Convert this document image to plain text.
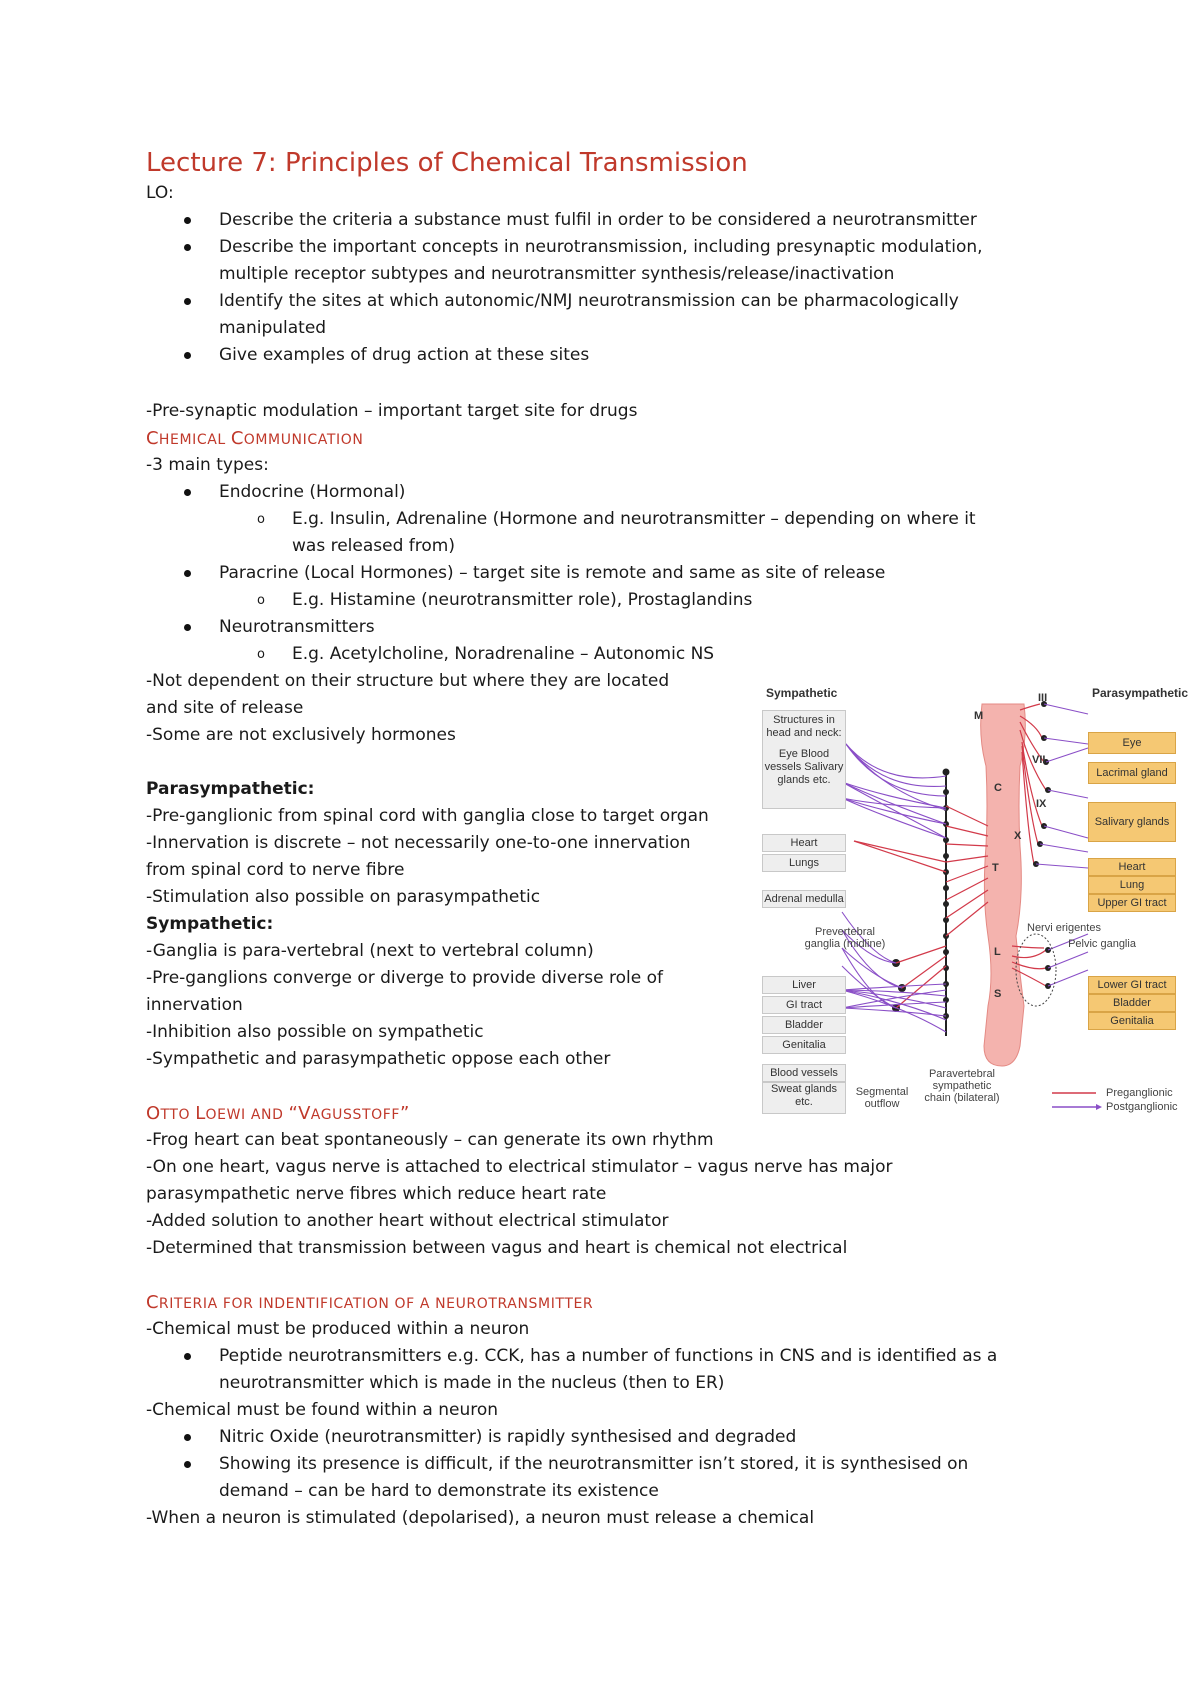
Lecture 7: Principles of Chemical Transmission
LO:
Describe the criteria a substance must fulfil in order to be considered a neurotransmitter
Describe the important concepts in neurotransmission, including presynaptic modulation,
multiple receptor subtypes and neurotransmitter synthesis/release/inactivation
Identify the sites at which autonomic/NMJ neurotransmission can be pharmacologically
manipulated
Give examples of drug action at these sites
-Pre-synaptic modulation – important target site for drugs
CHEMICAL COMMUNICATION
-3 main types:
Endocrine (Hormonal)
o E.g. Insulin, Adrenaline (Hormone and neurotransmitter – depending on where it
was released from)
Paracrine (Local Hormones) – target site is remote and same as site of release
o E.g. Histamine (neurotransmitter role), Prostaglandins
Neurotransmitters
o E.g. Acetylcholine, Noradrenaline – Autonomic NS
-Not dependent on their structure but where they are located
and site of release
-Some are not exclusively hormones
Parasympathetic:
-Pre-ganglionic from spinal cord with ganglia close to target organ
-Innervation is discrete – not necessarily one-to-one innervation
from spinal cord to nerve fibre
-Stimulation also possible on parasympathetic
Sympathetic:
-Ganglia is para-vertebral (next to vertebral column)
-Pre-ganglions converge or diverge to provide diverse role of
innervation
-Inhibition also possible on sympathetic
-Sympathetic and parasympathetic oppose each other
OTTO LOEWI AND “VAGUSSTOFF”
-Frog heart can beat spontaneously – can generate its own rhythm
-On one heart, vagus nerve is attached to electrical stimulator – vagus nerve has major
parasympathetic nerve fibres which reduce heart rate
-Added solution to another heart without electrical stimulator
-Determined that transmission between vagus and heart is chemical not electrical
CRITERIA FOR INDENTIFICATION OF A NEUROTRANSMITTER
-Chemical must be produced within a neuron
Peptide neurotransmitters e.g. CCK, has a number of functions in CNS and is identified as a
neurotransmitter which is made in the nucleus (then to ER)
-Chemical must be found within a neuron
Nitric Oxide (neurotransmitter) is rapidly synthesised and degraded
Showing its presence is difficult, if the neurotransmitter isn’t stored, it is synthesised on
demand – can be hard to demonstrate its existence
-When a neuron is stimulated (depolarised), a neuron must release a chemical
Sympathetic	Parasympathetic
Structures in head and neck:
Eye Blood vessels Salivary glands etc.
Heart
Lungs
Adrenal medulla
Prevertebral ganglia (midline)
Liver
GI tract
Bladder
Genitalia
Blood vessels
Sweat glands etc.
Segmental outflow
Paravertebral sympathetic chain (bilateral)
M
C
T
L
S
III
VII
IX
X
Eye
Lacrimal gland
Salivary glands
Heart
Lung
Upper GI tract
Nervi erigentes
Pelvic ganglia
Lower GI tract
Bladder
Genitalia
Preganglionic
Postganglionic
